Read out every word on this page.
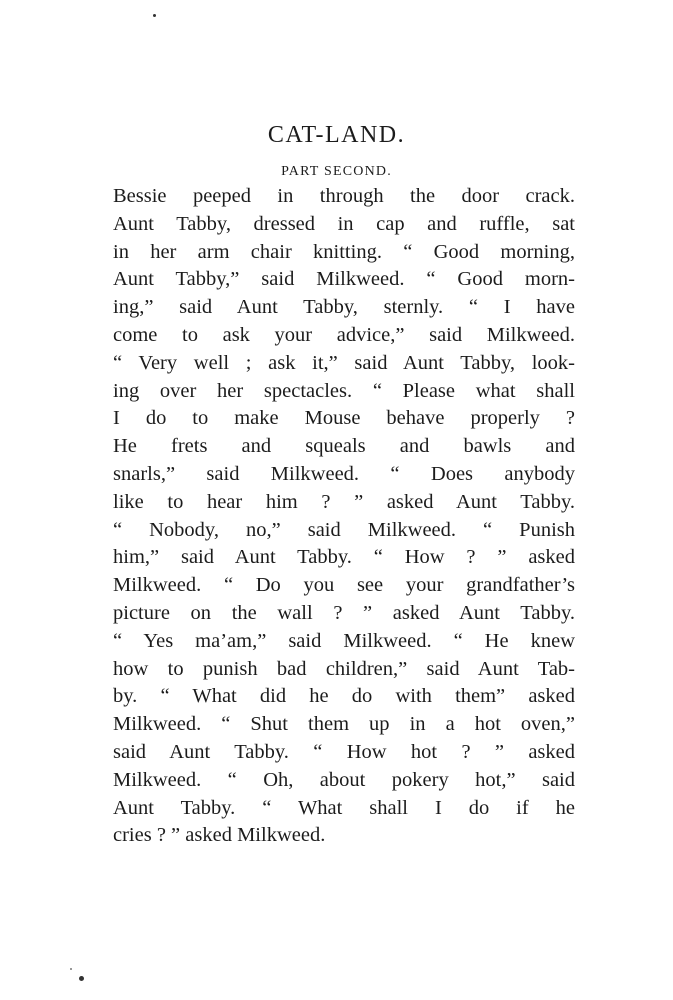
CAT-LAND.
PART SECOND.
Bessie peeped in through the door crack.
Aunt Tabby, dressed in cap and ruffle, sat
in her arm chair knitting. “ Good morning,
Aunt Tabby,” said Milkweed. “ Good morn-
ing,” said Aunt Tabby, sternly. “ I have
come to ask your advice,” said Milkweed.
“ Very well ; ask it,” said Aunt Tabby, look-
ing over her spectacles. “ Please what shall
I do to make Mouse behave properly ?
He frets and squeals and bawls and
snarls,” said Milkweed. “ Does anybody
like to hear him ? ” asked Aunt Tabby.
“ Nobody, no,” said Milkweed. “ Punish
him,” said Aunt Tabby. “ How ? ” asked
Milkweed. “ Do you see your grandfather’s
picture on the wall ? ” asked Aunt Tabby.
“ Yes ma’am,” said Milkweed. “ He knew
how to punish bad children,” said Aunt Tab-
by. “ What did he do with them” asked
Milkweed. “ Shut them up in a hot oven,”
said Aunt Tabby. “ How hot ? ” asked
Milkweed. “ Oh, about pokery hot,” said
Aunt Tabby. “ What shall I do if he
cries ? ” asked Milkweed.
